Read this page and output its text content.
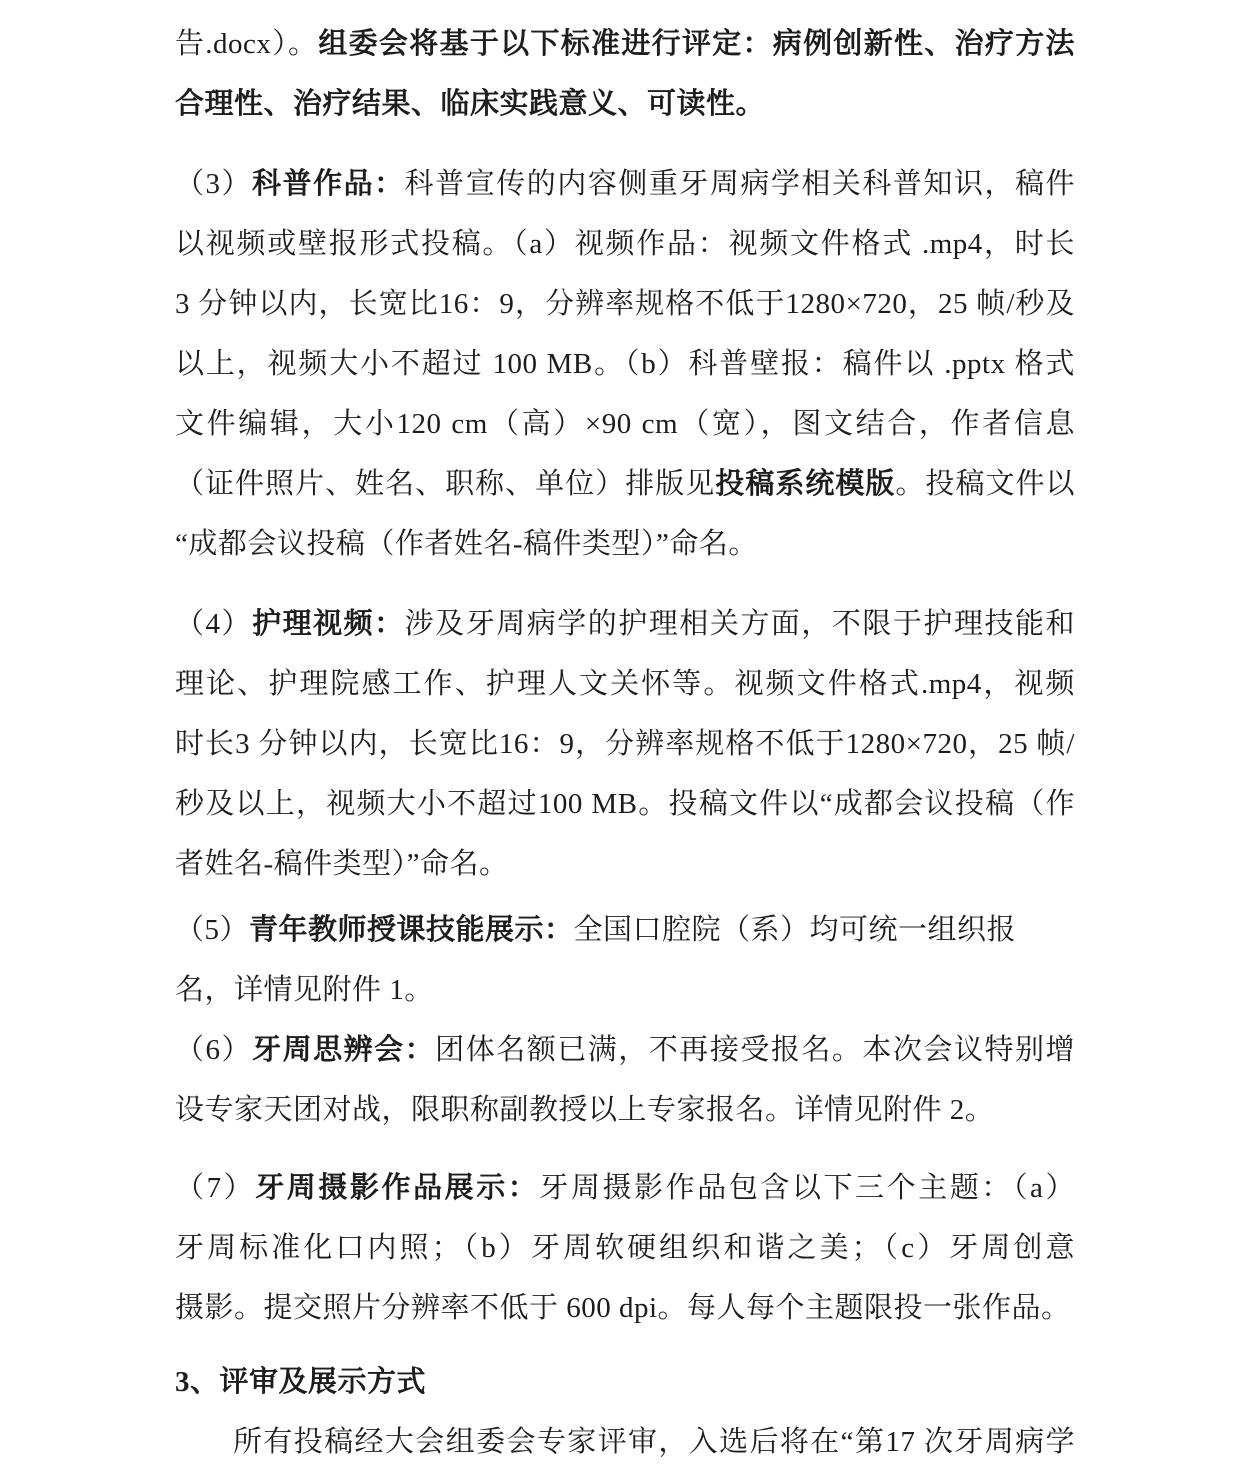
告.docx）。组委会将基于以下标准进行评定：病例创新性、治疗方法
合理性、治疗结果、临床实践意义、可读性。
（3）科普作品：科普宣传的内容侧重牙周病学相关科普知识，稿件
以视频或壁报形式投稿。（a）视频作品：视频文件格式 .mp4，时长
3 分钟以内，长宽比16：9，分辨率规格不低于1280×720，25 帧/秒及
以上，视频大小不超过 100 MB。（b）科普壁报：稿件以 .pptx 格式
文件编辑，大小120 cm（高）×90 cm（宽），图文结合，作者信息
（证件照片、姓名、职称、单位）排版见投稿系统模版。投稿文件以
“成都会议投稿（作者姓名-稿件类型）”命名。
（4）护理视频：涉及牙周病学的护理相关方面，不限于护理技能和
理论、护理院感工作、护理人文关怀等。视频文件格式.mp4，视频
时长3 分钟以内，长宽比16：9，分辨率规格不低于1280×720，25 帧/
秒及以上，视频大小不超过100 MB。投稿文件以“成都会议投稿（作
者姓名-稿件类型）”命名。
（5）青年教师授课技能展示：全国口腔院（系）均可统一组织报
名，详情见附件 1。
（6）牙周思辨会：团体名额已满，不再接受报名。本次会议特别增
设专家天团对战，限职称副教授以上专家报名。详情见附件 2。
（7）牙周摄影作品展示：牙周摄影作品包含以下三个主题：（a）
牙周标准化口内照；（b）牙周软硬组织和谐之美；（c）牙周创意
摄影。提交照片分辨率不低于 600 dpi。每人每个主题限投一张作品。
3、评审及展示方式
所有投稿经大会组委会专家评审，入选后将在“第17 次牙周病学
